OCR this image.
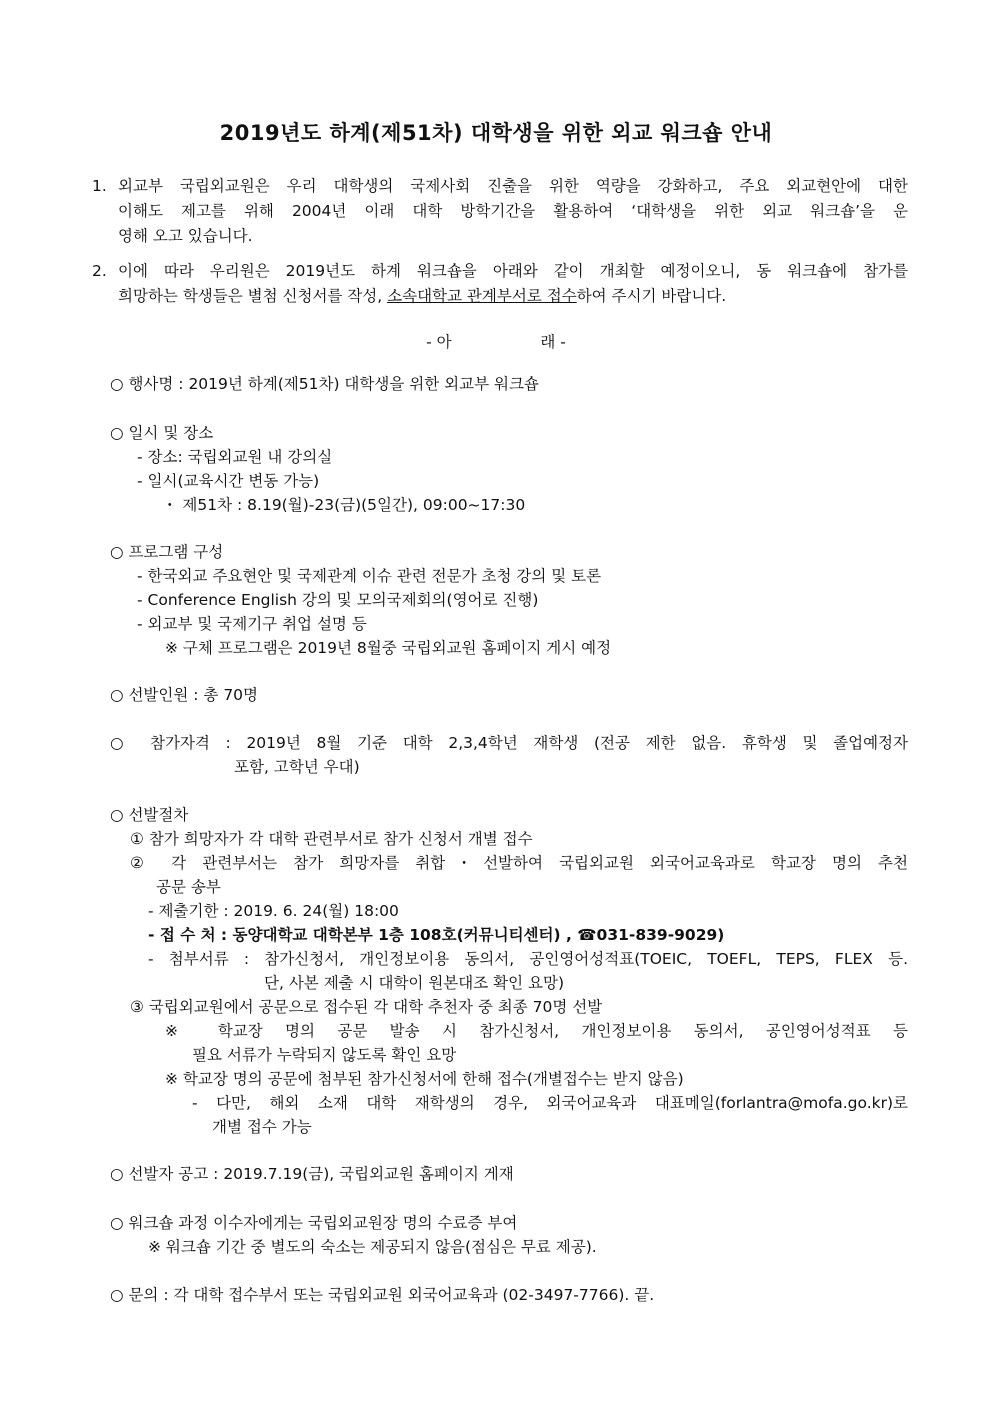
2019년도 하계(제51차) 대학생을 위한 외교 워크숍 안내
1. 외교부 국립외교원은 우리 대학생의 국제사회 진출을 위한 역량을 강화하고, 주요 외교현안에 대한
이해도 제고를 위해 2004년 이래 대학 방학기간을 활용하여 ‘대학생을 위한 외교 워크숍’을 운
영해 오고 있습니다.
2. 이에 따라 우리원은 2019년도 하계 워크숍을 아래와 같이 개최할 예정이오니, 동 워크숍에 참가를
희망하는 학생들은 별첨 신청서를 작성, 소속대학교 관계부서로 접수하여 주시기 바랍니다.
- 아                  래 -
○ 행사명 : 2019년 하계(제51차) 대학생을 위한 외교부 워크숍
○ 일시 및 장소
- 장소: 국립외교원 내 강의실
- 일시(교육시간 변동 가능)
・ 제51차 : 8.19(월)-23(금)(5일간), 09:00~17:30
○ 프로그램 구성
- 한국외교 주요현안 및 국제관계 이슈 관련 전문가 초청 강의 및 토론
- Conference English 강의 및 모의국제회의(영어로 진행)
- 외교부 및 국제기구 취업 설명 등
※ 구체 프로그램은 2019년 8월중 국립외교원 홈페이지 게시 예정
○ 선발인원 : 총 70명
○ 참가자격 : 2019년 8월 기준 대학 2,3,4학년 재학생 (전공 제한 없음. 휴학생 및 졸업예정자
포함, 고학년 우대)
○ 선발절차
① 참가 희망자가 각 대학 관련부서로 참가 신청서 개별 접수
② 각 관련부서는 참가 희망자를 취합・선발하여 국립외교원 외국어교육과로 학교장 명의 추천
공문 송부
- 제출기한 : 2019. 6. 24(월) 18:00
- 접 수 처 : 동양대학교 대학본부 1층 108호(커뮤니티센터) , ☎031-839-9029)
- 첨부서류 : 참가신청서, 개인정보이용 동의서, 공인영어성적표(TOEIC, TOEFL, TEPS, FLEX 등.
단, 사본 제출 시 대학이 원본대조 확인 요망)
③ 국립외교원에서 공문으로 접수된 각 대학 추천자 중 최종 70명 선발
※ 학교장 명의 공문 발송 시 참가신청서, 개인정보이용 동의서, 공인영어성적표 등
필요 서류가 누락되지 않도록 확인 요망
※ 학교장 명의 공문에 첨부된 참가신청서에 한해 접수(개별접수는 받지 않음)
- 다만, 해외 소재 대학 재학생의 경우, 외국어교육과 대표메일(forlantra@mofa.go.kr)로
개별 접수 가능
○ 선발자 공고 : 2019.7.19(금), 국립외교원 홈페이지 게재
○ 워크숍 과정 이수자에게는 국립외교원장 명의 수료증 부여
※ 워크숍 기간 중 별도의 숙소는 제공되지 않음(점심은 무료 제공).
○ 문의 : 각 대학 접수부서 또는 국립외교원 외국어교육과 (02-3497-7766). 끝.
